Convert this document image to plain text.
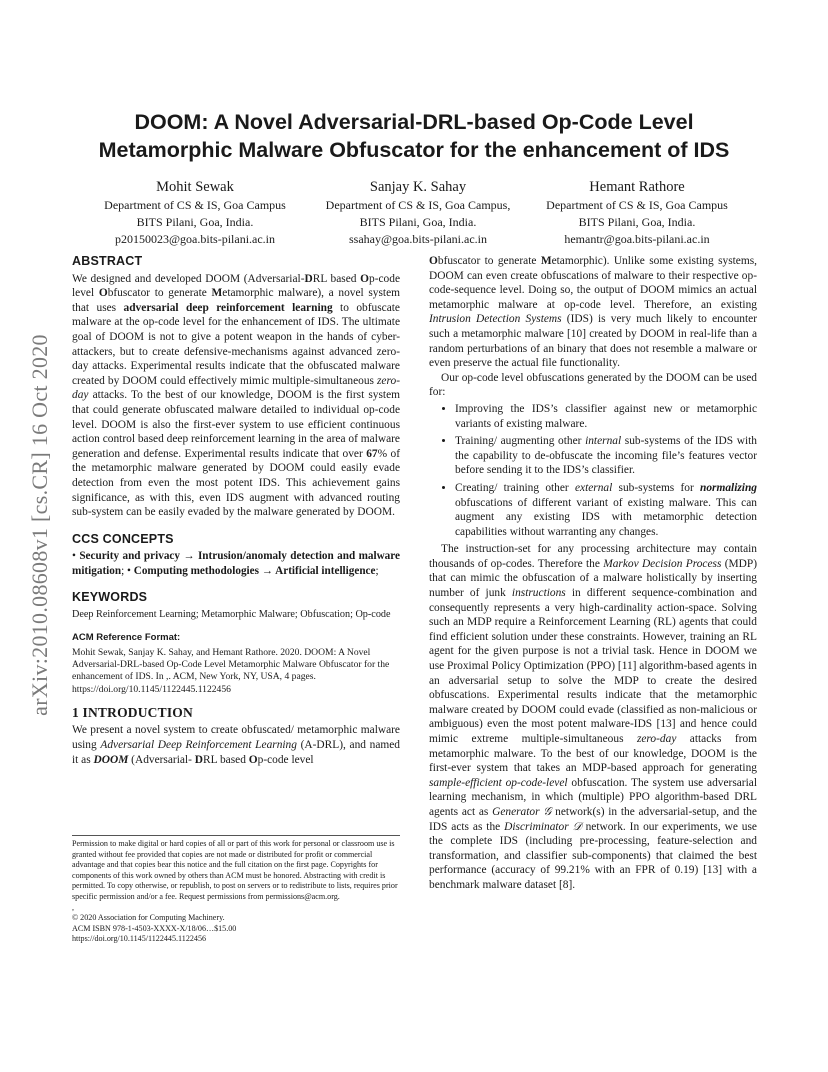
arXiv:2010.08608v1 [cs.CR] 16 Oct 2020
DOOM: A Novel Adversarial-DRL-based Op-Code Level
Metamorphic Malware Obfuscator for the enhancement of IDS
Mohit Sewak
Department of CS & IS, Goa Campus
BITS Pilani, Goa, India.
p20150023@goa.bits-pilani.ac.in
Sanjay K. Sahay
Department of CS & IS, Goa Campus,
BITS Pilani, Goa, India.
ssahay@goa.bits-pilani.ac.in
Hemant Rathore
Department of CS & IS, Goa Campus
BITS Pilani, Goa, India.
hemantr@goa.bits-pilani.ac.in
ABSTRACT

We designed and developed DOOM (Adversarial-DRL based Op-code level Obfuscator to generate Metamorphic malware), a novel system that uses adversarial deep reinforcement learning to obfuscate malware at the op-code level for the enhancement of IDS. The ultimate goal of DOOM is not to give a potent weapon in the hands of cyber-attackers, but to create defensive-mechanisms against advanced zero-day attacks. Experimental results indicate that the obfuscated malware created by DOOM could effectively mimic multiple-simultaneous zero-day attacks. To the best of our knowledge, DOOM is the first system that could generate obfuscated malware detailed to individual op-code level. DOOM is also the first-ever system to use efficient continuous action control based deep reinforcement learning in the area of malware generation and defense. Experimental results indicate that over 67% of the metamorphic malware generated by DOOM could easily evade detection from even the most potent IDS. This achievement gains significance, as with this, even IDS augment with advanced routing sub-system can be easily evaded by the malware generated by DOOM.

CCS CONCEPTS

• Security and privacy → Intrusion/anomaly detection and malware mitigation; • Computing methodologies → Artificial intelligence;

KEYWORDS

Deep Reinforcement Learning; Metamorphic Malware; Obfuscation; Op-code

ACM Reference Format:

Mohit Sewak, Sanjay K. Sahay, and Hemant Rathore. 2020. DOOM: A Novel Adversarial-DRL-based Op-Code Level Metamorphic Malware Obfuscator for the enhancement of IDS. In ,. ACM, New York, NY, USA, 4 pages. https://doi.org/10.1145/1122445.1122456

1 INTRODUCTION

We present a novel system to create obfuscated/ metamorphic malware using Adversarial Deep Reinforcement Learning (A-DRL), and named it as DOOM (Adversarial- DRL based Op-code level

Permission to make digital or hard copies of all or part of this work for personal or classroom use is granted without fee provided that copies are not made or distributed for profit or commercial advantage and that copies bear this notice and the full citation on the first page. Copyrights for components of this work owned by others than ACM must be honored. Abstracting with credit is permitted. To copy otherwise, or republish, to post on servers or to redistribute to lists, requires prior specific permission and/or a fee. Request permissions from permissions@acm.org.

,

© 2020 Association for Computing Machinery.

ACM ISBN 978-1-4503-XXXX-X/18/06…$15.00

https://doi.org/10.1145/1122445.1122456

Obfuscator to generate Metamorphic). Unlike some existing systems, DOOM can even create obfuscations of malware to their respective op-code-sequence level. Doing so, the output of DOOM mimics an actual metamorphic malware at op-code level. Therefore, an existing Intrusion Detection Systems (IDS) is very much likely to encounter such a metamorphic malware [10] created by DOOM in real-life than a random perturbations of an binary that does not resemble a malware or even preserve the actual file functionality.

Our op-code level obfuscations generated by the DOOM can be used for:

• Improving the IDS’s classifier against new or metamorphic variants of existing malware.
• Training/ augmenting other internal sub-systems of the IDS with the capability to de-obfuscate the incoming file’s features vector before sending it to the IDS’s classifier.
• Creating/ training other external sub-systems for normalizing obfuscations of different variant of existing malware. This can augment any existing IDS with metamorphic detection capabilities without warranting any changes.

The instruction-set for any processing architecture may contain thousands of op-codes. Therefore the Markov Decision Process (MDP) that can mimic the obfuscation of a malware holistically by inserting number of junk instructions in different sequence-combination and consequently represents a very high-cardinality action-space. Solving such an MDP require a Reinforcement Learning (RL) agents that could find efficient solution under these constraints. However, training an RL agent for the given purpose is not a trivial task. Hence in DOOM we use Proximal Policy Optimization (PPO) [11] algorithm-based agents in an adversarial setup to solve the MDP to create the desired obfuscations. Experimental results indicate that the metamorphic malware created by DOOM could evade (classified as non-malicious or ambiguous) even the most potent malware-IDS [13] and hence could mimic extreme multiple-simultaneous zero-day attacks from metamorphic malware. To the best of our knowledge, DOOM is the first-ever system that takes an MDP-based approach for generating sample-efficient op-code-level obfuscation. The system use adversarial learning mechanism, in which (multiple) PPO algorithm-based DRL agents act as Generator 𝒢 network(s) in the adversarial-setup, and the IDS acts as the Discriminator 𝒟 network. In our experiments, we use the complete IDS (including pre-processing, feature-selection and transformation, and classifier sub-components) that claimed the best performance (accuracy of 99.21% with an FPR of 0.19) [13] with a benchmark malware dataset [8].
